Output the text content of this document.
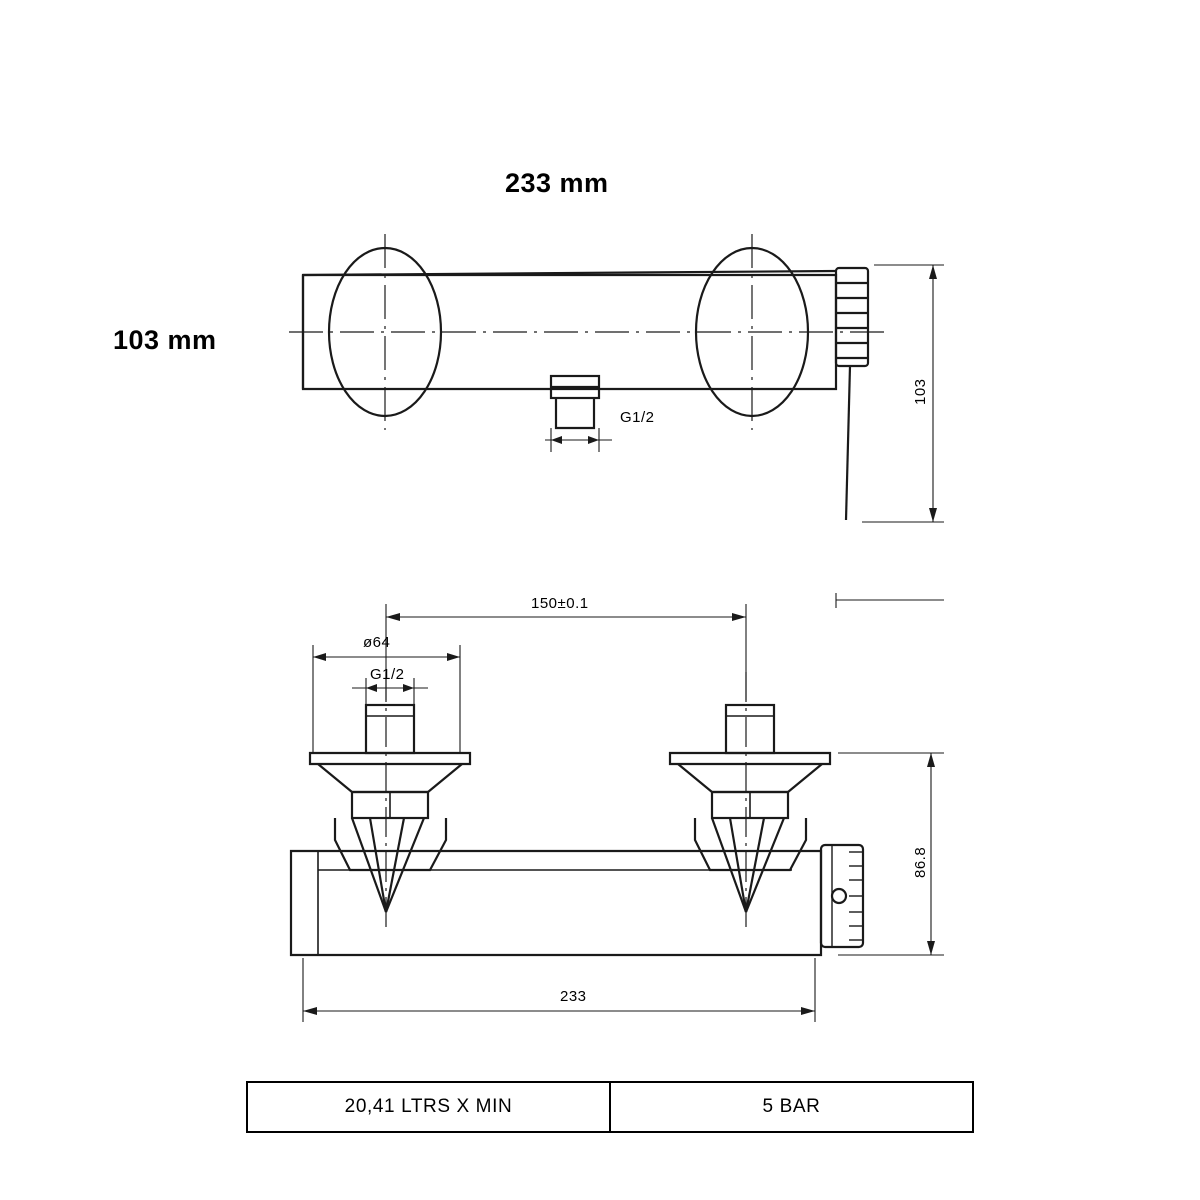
233 mm
103 mm
G1/2
103
150±0.1
ø64
G1/2
86.8
233
20,41 LTRS X MIN	5 BAR
